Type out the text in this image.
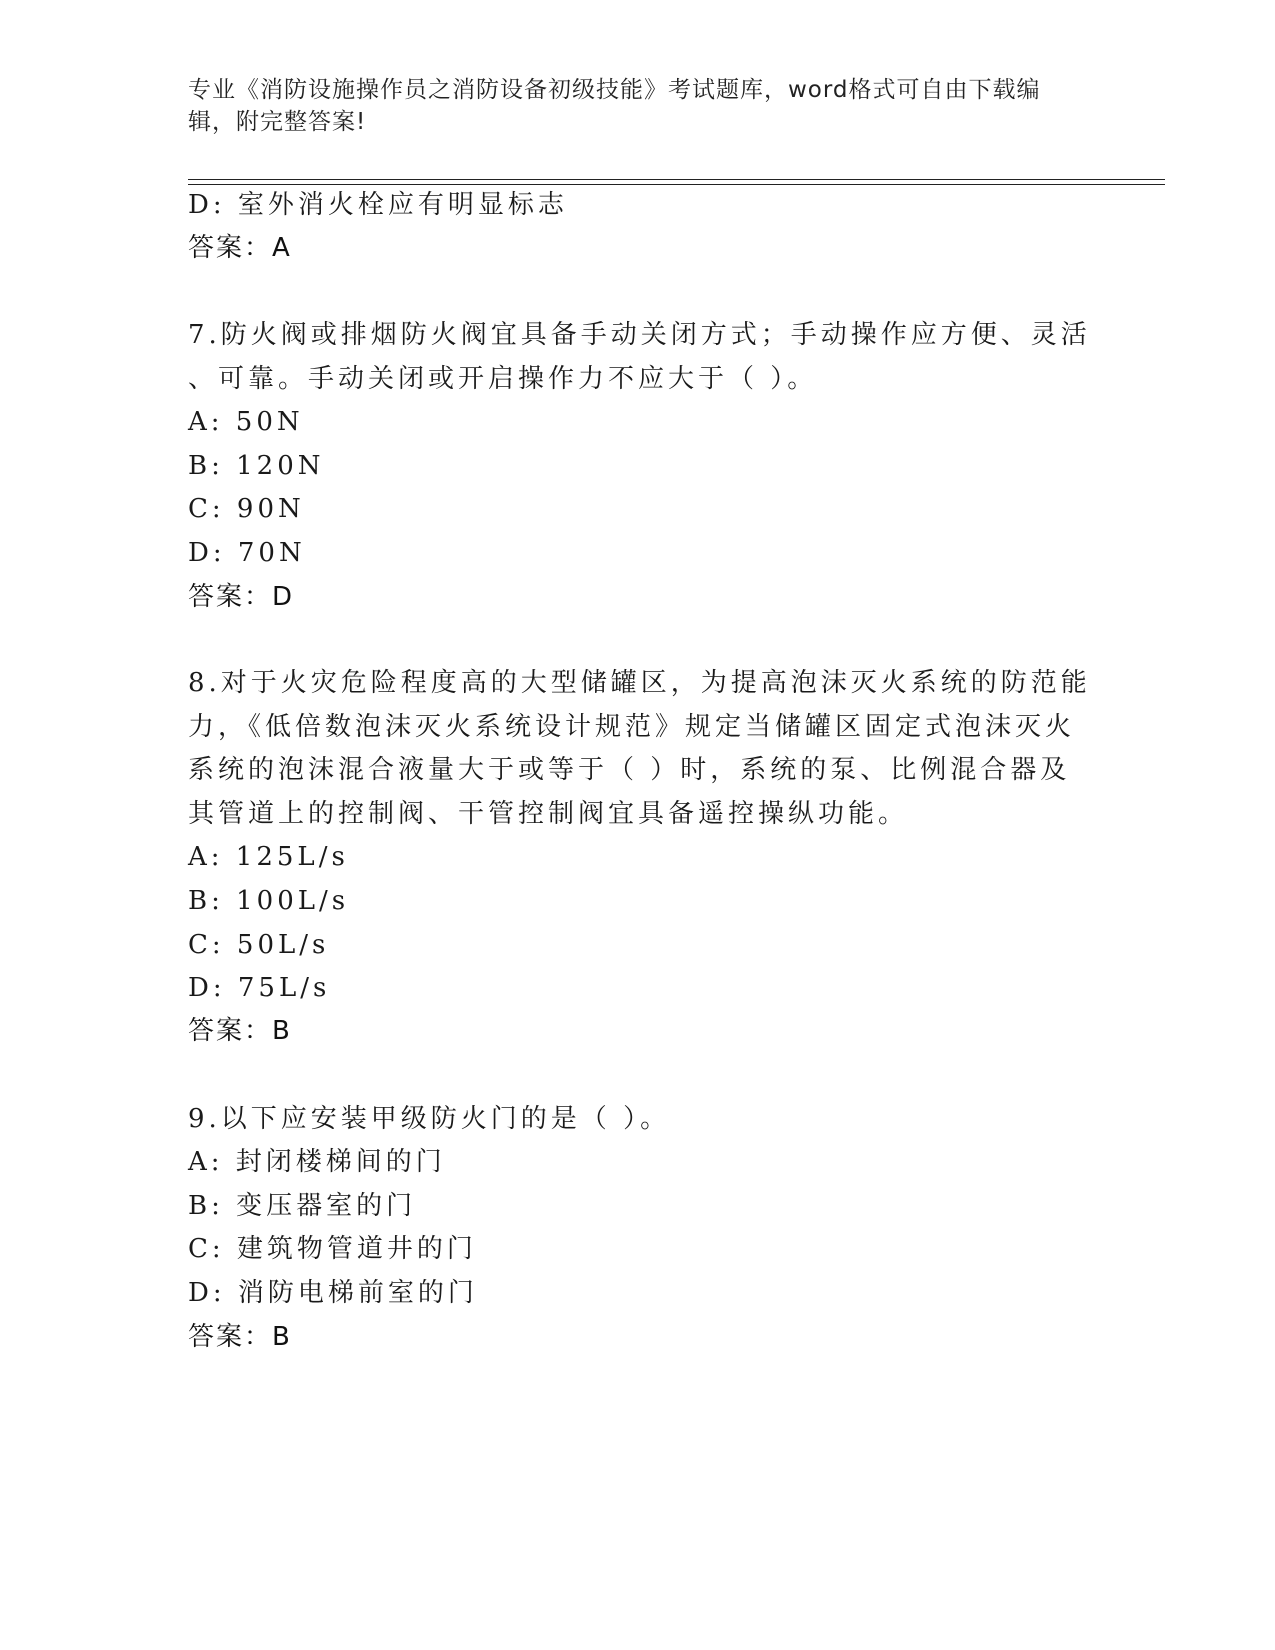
专业《消防设施操作员之消防设备初级技能》考试题库，word格式可自由下载编
辑，附完整答案!
D: 室外消火栓应有明显标志
答案：A
7.防火阀或排烟防火阀宜具备手动关闭方式；手动操作应方便、灵活
、可靠。手动关闭或开启操作力不应大于（ ）。
A: 50N
B: 120N
C: 90N
D: 70N
答案：D
8.对于火灾危险程度高的大型储罐区，为提高泡沫灭火系统的防范能
力，《低倍数泡沫灭火系统设计规范》规定当储罐区固定式泡沫灭火
系统的泡沫混合液量大于或等于（ ）时，系统的泵、比例混合器及
其管道上的控制阀、干管控制阀宜具备遥控操纵功能。
A: 125L/s
B: 100L/s
C: 50L/s
D: 75L/s
答案：B
9.以下应安装甲级防火门的是（ ）。
A: 封闭楼梯间的门
B: 变压器室的门
C: 建筑物管道井的门
D: 消防电梯前室的门
答案：B
